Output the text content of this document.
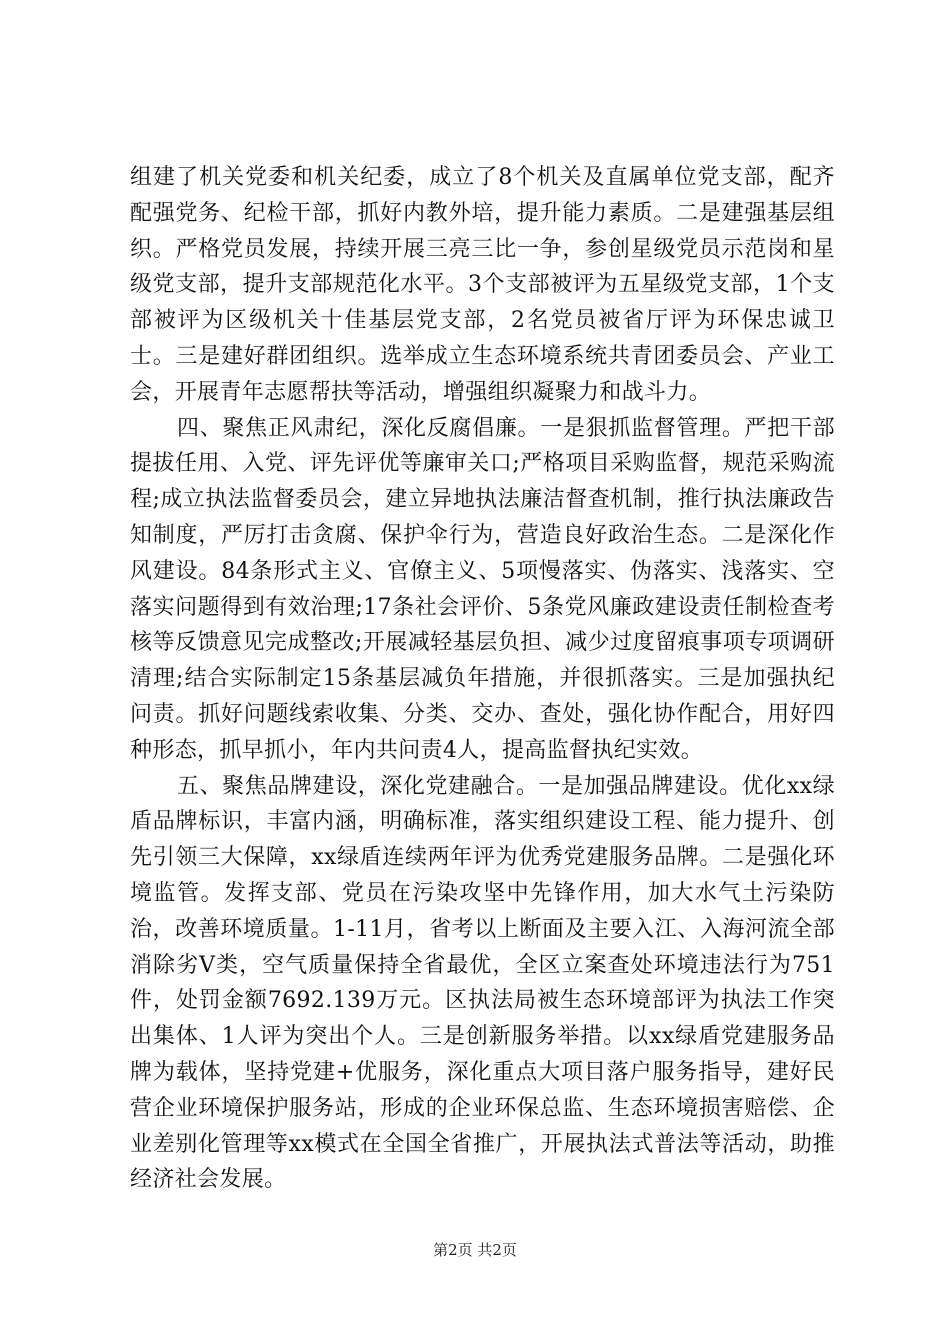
组建了机关党委和机关纪委，成立了8个机关及直属单位党支部，配齐配强党务、纪检干部，抓好内教外培，提升能力素质。二是建强基层组织。严格党员发展，持续开展三亮三比一争，参创星级党员示范岗和星级党支部，提升支部规范化水平。3个支部被评为五星级党支部，1个支部被评为区级机关十佳基层党支部，2名党员被省厅评为环保忠诚卫士。三是建好群团组织。选举成立生态环境系统共青团委员会、产业工会，开展青年志愿帮扶等活动，增强组织凝聚力和战斗力。

四、聚焦正风肃纪，深化反腐倡廉。一是狠抓监督管理。严把干部提拔任用、入党、评先评优等廉审关口;严格项目采购监督，规范采购流程;成立执法监督委员会，建立异地执法廉洁督查机制，推行执法廉政告知制度，严厉打击贪腐、保护伞行为，营造良好政治生态。二是深化作风建设。84条形式主义、官僚主义、5项慢落实、伪落实、浅落实、空落实问题得到有效治理;17条社会评价、5条党风廉政建设责任制检查考核等反馈意见完成整改;开展减轻基层负担、减少过度留痕事项专项调研清理;结合实际制定15条基层减负年措施，并很抓落实。三是加强执纪问责。抓好问题线索收集、分类、交办、查处，强化协作配合，用好四种形态，抓早抓小，年内共问责4人，提高监督执纪实效。

五、聚焦品牌建设，深化党建融合。一是加强品牌建设。优化xx绿盾品牌标识，丰富内涵，明确标准，落实组织建设工程、能力提升、创先引领三大保障，xx绿盾连续两年评为优秀党建服务品牌。二是强化环境监管。发挥支部、党员在污染攻坚中先锋作用，加大水气土污染防治，改善环境质量。1-11月，省考以上断面及主要入江、入海河流全部消除劣Ⅴ类，空气质量保持全省最优，全区立案查处环境违法行为751件，处罚金额7692.139万元。区执法局被生态环境部评为执法工作突出集体、1人评为突出个人。三是创新服务举措。以xx绿盾党建服务品牌为载体，坚持党建+优服务，深化重点大项目落户服务指导，建好民营企业环境保护服务站，形成的企业环保总监、生态环境损害赔偿、企业差别化管理等xx模式在全国全省推广，开展执法式普法等活动，助推经济社会发展。

第2页 共2页
